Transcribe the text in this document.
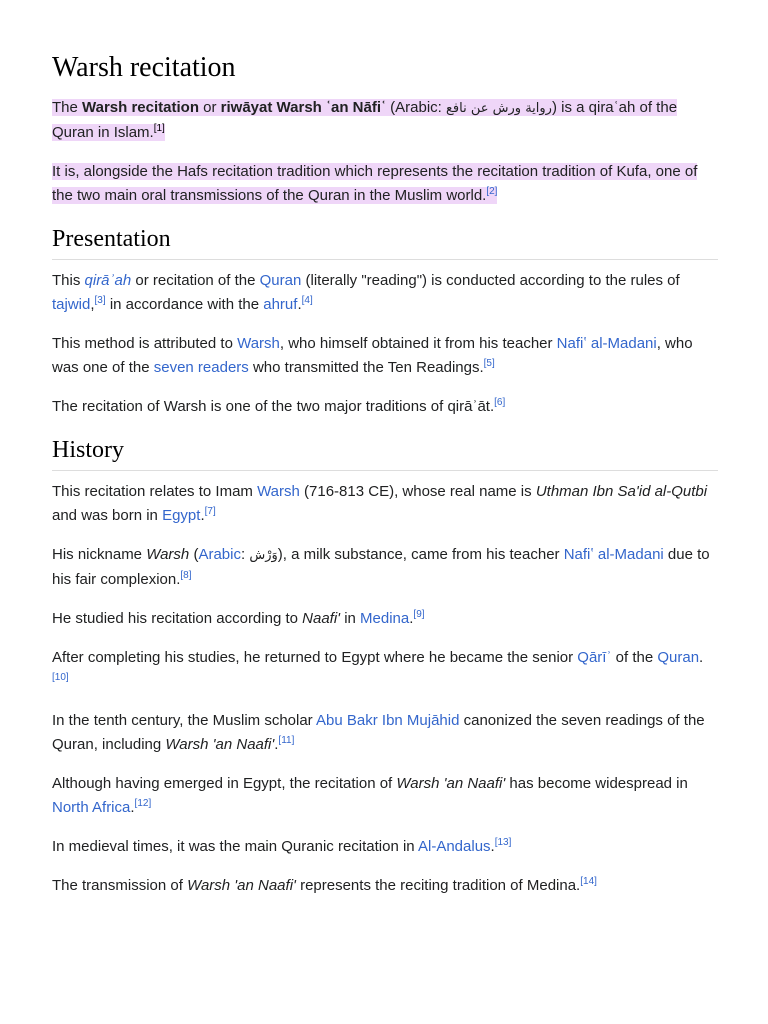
Warsh recitation

The Warsh recitation or riwāyat Warsh ʿan Nāfiʿ (Arabic: رواية ورش عن نافع) is a qiraʿah of the Quran in Islam.[1]

It is, alongside the Hafs recitation tradition which represents the recitation tradition of Kufa, one of the two main oral transmissions of the Quran in the Muslim world.[2]

Presentation

This qirāʾah or recitation of the Quran (literally "reading") is conducted according to the rules of tajwid,[3] in accordance with the ahruf.[4]

This method is attributed to Warsh, who himself obtained it from his teacher Nafiʽ al-Madani, who was one of the seven readers who transmitted the Ten Readings.[5]

The recitation of Warsh is one of the two major traditions of qirāʾāt.[6]

History

This recitation relates to Imam Warsh (716-813 CE), whose real name is Uthman Ibn Sa'id al-Qutbi and was born in Egypt.[7]

His nickname Warsh (Arabic: وَرْش), a milk substance, came from his teacher Nafiʽ al-Madani due to his fair complexion.[8]

He studied his recitation according to Naafi' in Medina.[9]

After completing his studies, he returned to Egypt where he became the senior Qārīʾ of the Quran.[10]

In the tenth century, the Muslim scholar Abu Bakr Ibn Mujāhid canonized the seven readings of the Quran, including Warsh 'an Naafi'.[11]

Although having emerged in Egypt, the recitation of Warsh 'an Naafi' has become widespread in North Africa.[12]

In medieval times, it was the main Quranic recitation in Al-Andalus.[13]

The transmission of Warsh 'an Naafi' represents the reciting tradition of Medina.[14]
